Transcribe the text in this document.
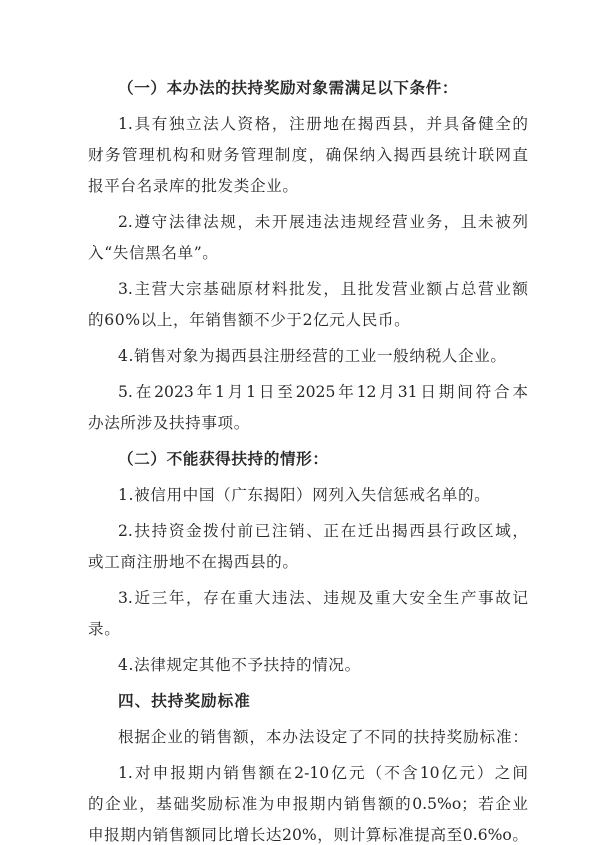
（一）本办法的扶持奖励对象需满足以下条件：
1.具有独立法人资格，注册地在揭西县，并具备健全的
财务管理机构和财务管理制度，确保纳入揭西县统计联网直
报平台名录库的批发类企业。
2.遵守法律法规，未开展违法违规经营业务，且未被列
入“失信黑名单”。
3.主营大宗基础原材料批发，且批发营业额占总营业额
的60%以上，年销售额不少于2亿元人民币。
4.销售对象为揭西县注册经营的工业一般纳税人企业。
5.在2023年1月1日至2025年12月31日期间符合本
办法所涉及扶持事项。
（二）不能获得扶持的情形：
1.被信用中国（广东揭阳）网列入失信惩戒名单的。
2.扶持资金拨付前已注销、正在迁出揭西县行政区域，
或工商注册地不在揭西县的。
3.近三年，存在重大违法、违规及重大安全生产事故记
录。
4.法律规定其他不予扶持的情况。
四、扶持奖励标准
根据企业的销售额，本办法设定了不同的扶持奖励标准：
1.对申报期内销售额在2-10亿元（不含10亿元）之间
的企业，基础奖励标准为申报期内销售额的0.5%o；若企业
申报期内销售额同比增长达20%，则计算标准提高至0.6%o。
